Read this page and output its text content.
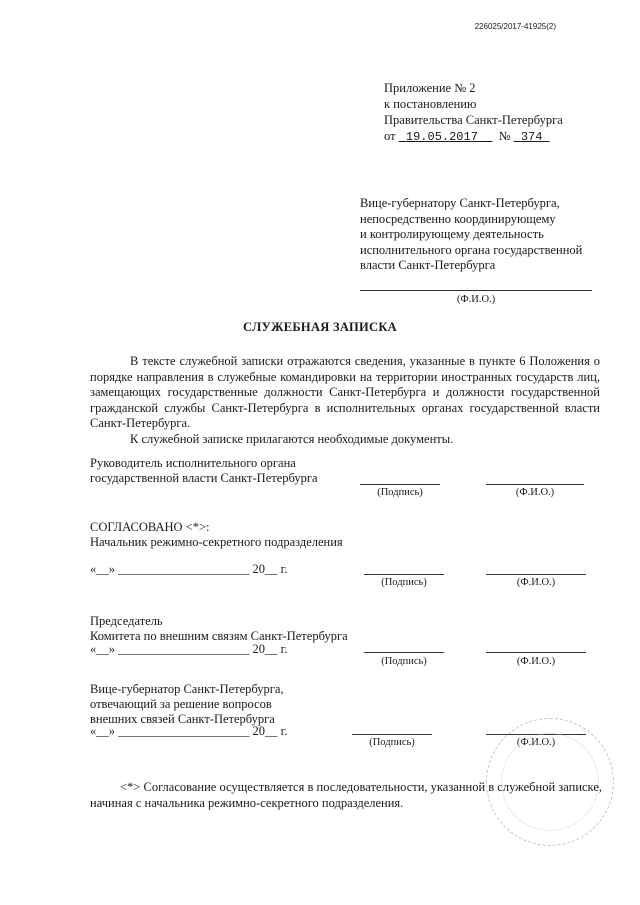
226025/2017-41925(2)
Приложение № 2
к постановлению
Правительства Санкт-Петербурга
от 19.05.2017 № 374
Вице-губернатору Санкт-Петербурга,
непосредственно координирующему
и контролирующему деятельность
исполнительного органа государственной
власти Санкт-Петербурга
(Ф.И.О.)
СЛУЖЕБНАЯ ЗАПИСКА

В тексте служебной записки отражаются сведения, указанные в пункте 6 Положения о порядке направления в служебные командировки на территории иностранных государств лиц, замещающих государственные должности Санкт-Петербурга и должности государственной гражданской службы Санкт-Петербурга в исполнительных органах государственной власти Санкт-Петербурга.

К служебной записке прилагаются необходимые документы.

Руководитель исполнительного органа
государственной власти Санкт-Петербурга
(Подпись)	(Ф.И.О.)
СОГЛАСОВАНО <*>:
Начальник режимно-секретного подразделения
«__» _____________________ 20__ г.
(Подпись)	(Ф.И.О.)
Председатель
Комитета по внешним связям Санкт-Петербурга
«__» _____________________ 20__ г.
(Подпись)	(Ф.И.О.)
Вице-губернатор Санкт-Петербурга,
отвечающий за решение вопросов
внешних связей Санкт-Петербурга
«__» _____________________ 20__ г.
(Подпись)	(Ф.И.О.)

<*> Согласование осуществляется в последовательности, указанной в служебной записке, начиная с начальника режимно-секретного подразделения.
